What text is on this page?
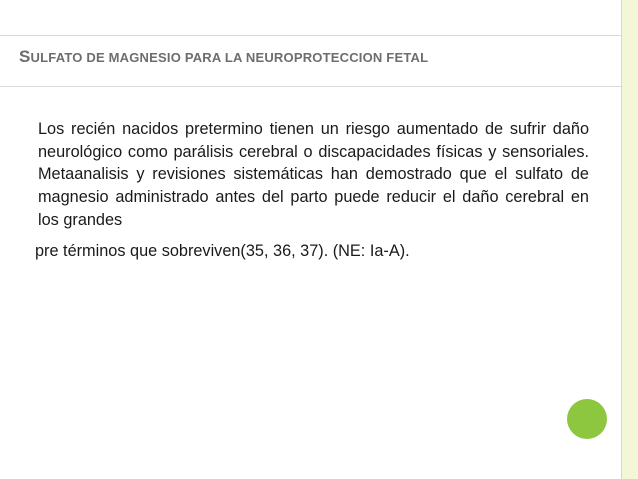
SULFATO DE MAGNESIO PARA LA NEUROPROTECCION FETAL
Los recién nacidos pretermino tienen un riesgo aumentado de sufrir daño neurológico como parálisis cerebral o discapacidades físicas y sensoriales. Metaanalisis y revisiones sistemáticas han demostrado que el sulfato de magnesio administrado antes del parto puede reducir el daño cerebral en los grandes
pre términos que sobreviven(35, 36, 37). (NE: Ia-A).
